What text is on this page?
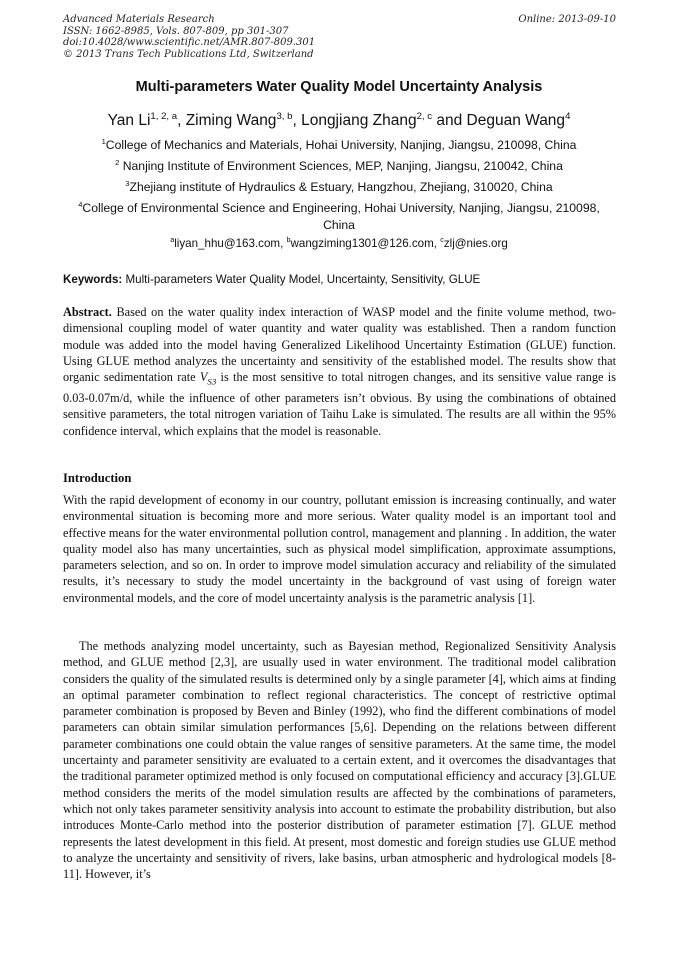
Advanced Materials Research
ISSN: 1662-8985, Vols. 807-809, pp 301-307
doi:10.4028/www.scientific.net/AMR.807-809.301
© 2013 Trans Tech Publications Ltd, Switzerland
Online: 2013-09-10
Multi-parameters Water Quality Model Uncertainty Analysis
Yan Li$^{1, 2, a}$, Ziming Wang$^{3, b}$, Longjiang Zhang$^{2, c}$ and Deguan Wang$^4$
$^1$College of Mechanics and Materials, Hohai University, Nanjing, Jiangsu, 210098, China
$^2$ Nanjing Institute of Environment Sciences, MEP, Nanjing, Jiangsu, 210042, China
$^3$Zhejiang institute of Hydraulics & Estuary, Hangzhou, Zhejiang, 310020, China
$^4$College of Environmental Science and Engineering, Hohai University, Nanjing, Jiangsu, 210098, China
$^a$liyan_hhu@163.com, $^b$wangziming1301@126.com, $^c$zlj@nies.org
Keywords: Multi-parameters Water Quality Model, Uncertainty, Sensitivity, GLUE
Abstract. Based on the water quality index interaction of WASP model and the finite volume method, two-dimensional coupling model of water quantity and water quality was established. Then a random function module was added into the model having Generalized Likelihood Uncertainty Estimation (GLUE) function. Using GLUE method analyzes the uncertainty and sensitivity of the established model. The results show that organic sedimentation rate $V_{S3}$ is the most sensitive to total nitrogen changes, and its sensitive value range is 0.03-0.07m/d, while the influence of other parameters isn’t obvious. By using the combinations of obtained sensitive parameters, the total nitrogen variation of Taihu Lake is simulated. The results are all within the 95% confidence interval, which explains that the model is reasonable.
Introduction
With the rapid development of economy in our country, pollutant emission is increasing continually, and water environmental situation is becoming more and more serious. Water quality model is an important tool and effective means for the water environmental pollution control, management and planning . In addition, the water quality model also has many uncertainties, such as physical model simplification, approximate assumptions, parameters selection, and so on. In order to improve model simulation accuracy and reliability of the simulated results, it’s necessary to study the model uncertainty in the background of vast using of foreign water environmental models, and the core of model uncertainty analysis is the parametric analysis [1].
The methods analyzing model uncertainty, such as Bayesian method, Regionalized Sensitivity Analysis method, and GLUE method [2,3], are usually used in water environment. The traditional model calibration considers the quality of the simulated results is determined only by a single parameter [4], which aims at finding an optimal parameter combination to reflect regional characteristics. The concept of restrictive optimal parameter combination is proposed by Beven and Binley (1992), who find the different combinations of model parameters can obtain similar simulation performances [5,6]. Depending on the relations between different parameter combinations one could obtain the value ranges of sensitive parameters. At the same time, the model uncertainty and parameter sensitivity are evaluated to a certain extent, and it overcomes the disadvantages that the traditional parameter optimized method is only focused on computational efficiency and accuracy [3].GLUE method considers the merits of the model simulation results are affected by the combinations of parameters, which not only takes parameter sensitivity analysis into account to estimate the probability distribution, but also introduces Monte-Carlo method into the posterior distribution of parameter estimation [7]. GLUE method represents the latest development in this field. At present, most domestic and foreign studies use GLUE method to analyze the uncertainty and sensitivity of rivers, lake basins, urban atmospheric and hydrological models [8-11]. However, it’s
